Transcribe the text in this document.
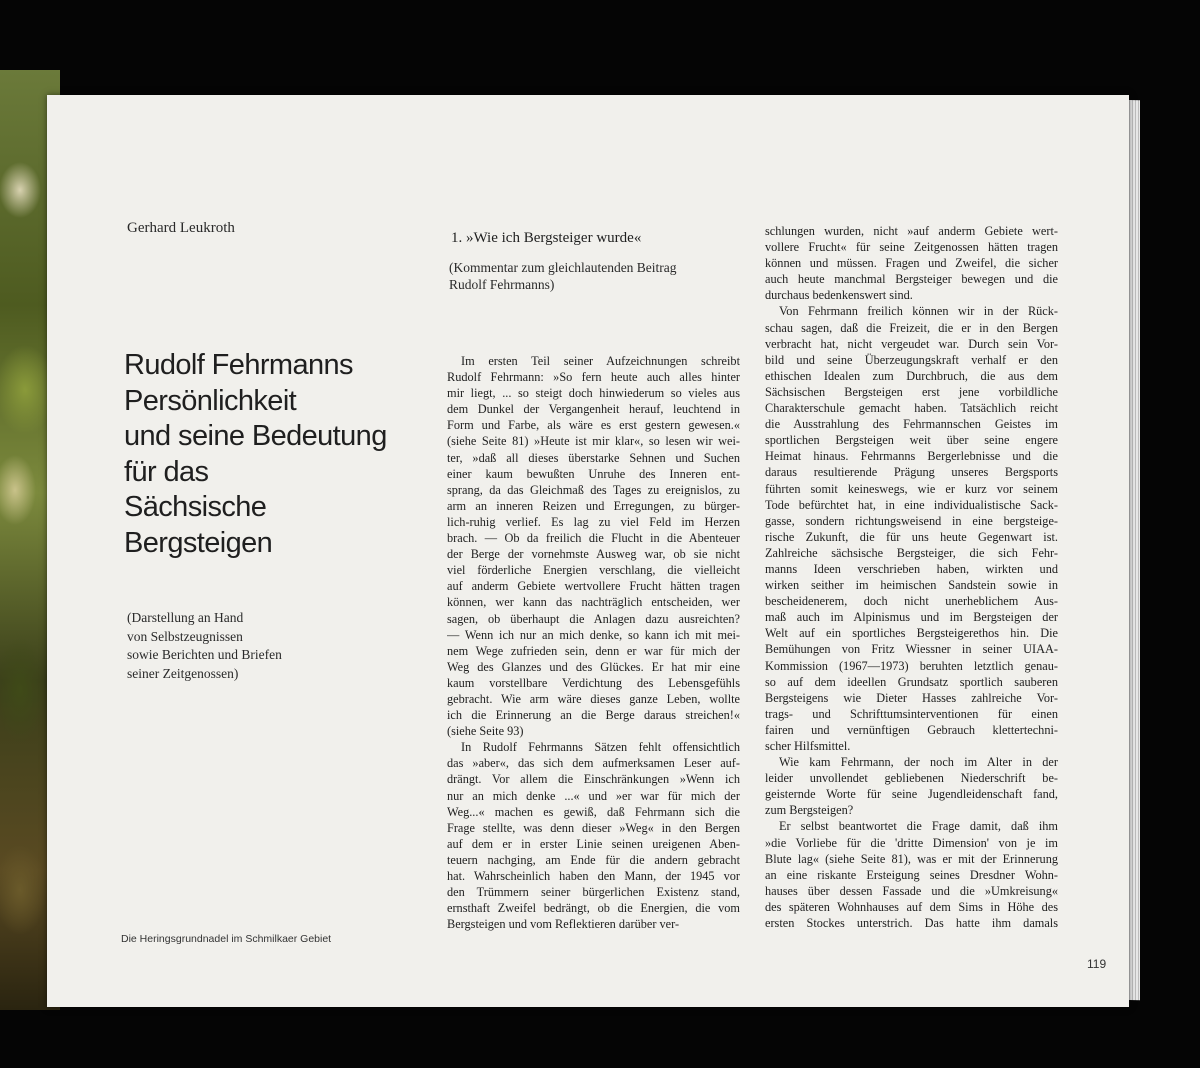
Gerhard Leukroth
Rudolf Fehrmanns
Persönlichkeit
und seine Bedeutung
für das
Sächsische
Bergsteigen
(Darstellung an Hand
von Selbstzeugnissen
sowie Berichten und Briefen
seiner Zeitgenossen)
Die Heringsgrundnadel im Schmilkaer Gebiet
119
1. »Wie ich Bergsteiger wurde«
(Kommentar zum gleichlautenden Beitrag
Rudolf Fehrmanns)
Im ersten Teil seiner Aufzeichnungen schreibt
Rudolf Fehrmann: »So fern heute auch alles hinter
mir liegt, ... so steigt doch hinwiederum so vieles aus
dem Dunkel der Vergangenheit herauf, leuchtend in
Form und Farbe, als wäre es erst gestern gewesen.«
(siehe Seite 81) »Heute ist mir klar«, so lesen wir wei-
ter, »daß all dieses überstarke Sehnen und Suchen
einer kaum bewußten Unruhe des Inneren ent-
sprang, da das Gleichmaß des Tages zu ereignislos, zu
arm an inneren Reizen und Erregungen, zu bürger-
lich-ruhig verlief. Es lag zu viel Feld im Herzen
brach. — Ob da freilich die Flucht in die Abenteuer
der Berge der vornehmste Ausweg war, ob sie nicht
viel förderliche Energien verschlang, die vielleicht
auf anderm Gebiete wertvollere Frucht hätten tragen
können, wer kann das nachträglich entscheiden, wer
sagen, ob überhaupt die Anlagen dazu ausreichten?
— Wenn ich nur an mich denke, so kann ich mit mei-
nem Wege zufrieden sein, denn er war für mich der
Weg des Glanzes und des Glückes. Er hat mir eine
kaum vorstellbare Verdichtung des Lebensgefühls
gebracht. Wie arm wäre dieses ganze Leben, wollte
ich die Erinnerung an die Berge daraus streichen!«
(siehe Seite 93)
In Rudolf Fehrmanns Sätzen fehlt offensichtlich
das »aber«, das sich dem aufmerksamen Leser auf-
drängt. Vor allem die Einschränkungen »Wenn ich
nur an mich denke ...« und »er war für mich der
Weg...« machen es gewiß, daß Fehrmann sich die
Frage stellte, was denn dieser »Weg« in den Bergen
auf dem er in erster Linie seinen ureigenen Aben-
teuern nachging, am Ende für die andern gebracht
hat. Wahrscheinlich haben den Mann, der 1945 vor
den Trümmern seiner bürgerlichen Existenz stand,
ernsthaft Zweifel bedrängt, ob die Energien, die vom
Bergsteigen und vom Reflektieren darüber ver-
schlungen wurden, nicht »auf anderm Gebiete wert-
vollere Frucht« für seine Zeitgenossen hätten tragen
können und müssen. Fragen und Zweifel, die sicher
auch heute manchmal Bergsteiger bewegen und die
durchaus bedenkenswert sind.
Von Fehrmann freilich können wir in der Rück-
schau sagen, daß die Freizeit, die er in den Bergen
verbracht hat, nicht vergeudet war. Durch sein Vor-
bild und seine Überzeugungskraft verhalf er den
ethischen Idealen zum Durchbruch, die aus dem
Sächsischen Bergsteigen erst jene vorbildliche
Charakterschule gemacht haben. Tatsächlich reicht
die Ausstrahlung des Fehrmannschen Geistes im
sportlichen Bergsteigen weit über seine engere
Heimat hinaus. Fehrmanns Bergerlebnisse und die
daraus resultierende Prägung unseres Bergsports
führten somit keineswegs, wie er kurz vor seinem
Tode befürchtet hat, in eine individualistische Sack-
gasse, sondern richtungsweisend in eine bergsteige-
rische Zukunft, die für uns heute Gegenwart ist.
Zahlreiche sächsische Bergsteiger, die sich Fehr-
manns Ideen verschrieben haben, wirkten und
wirken seither im heimischen Sandstein sowie in
bescheidenerem, doch nicht unerheblichem Aus-
maß auch im Alpinismus und im Bergsteigen der
Welt auf ein sportliches Bergsteigerethos hin. Die
Bemühungen von Fritz Wiessner in seiner UIAA-
Kommission (1967—1973) beruhten letztlich genau-
so auf dem ideellen Grundsatz sportlich sauberen
Bergsteigens wie Dieter Hasses zahlreiche Vor-
trags- und Schrifttumsinterventionen für einen
fairen und vernünftigen Gebrauch klettertechni-
scher Hilfsmittel.
Wie kam Fehrmann, der noch im Alter in der
leider unvollendet gebliebenen Niederschrift be-
geisternde Worte für seine Jugendleidenschaft fand,
zum Bergsteigen?
Er selbst beantwortet die Frage damit, daß ihm
»die Vorliebe für die 'dritte Dimension' von je im
Blute lag« (siehe Seite 81), was er mit der Erinnerung
an eine riskante Ersteigung seines Dresdner Wohn-
hauses über dessen Fassade und die »Umkreisung«
des späteren Wohnhauses auf dem Sims in Höhe des
ersten Stockes unterstrich. Das hatte ihm damals
